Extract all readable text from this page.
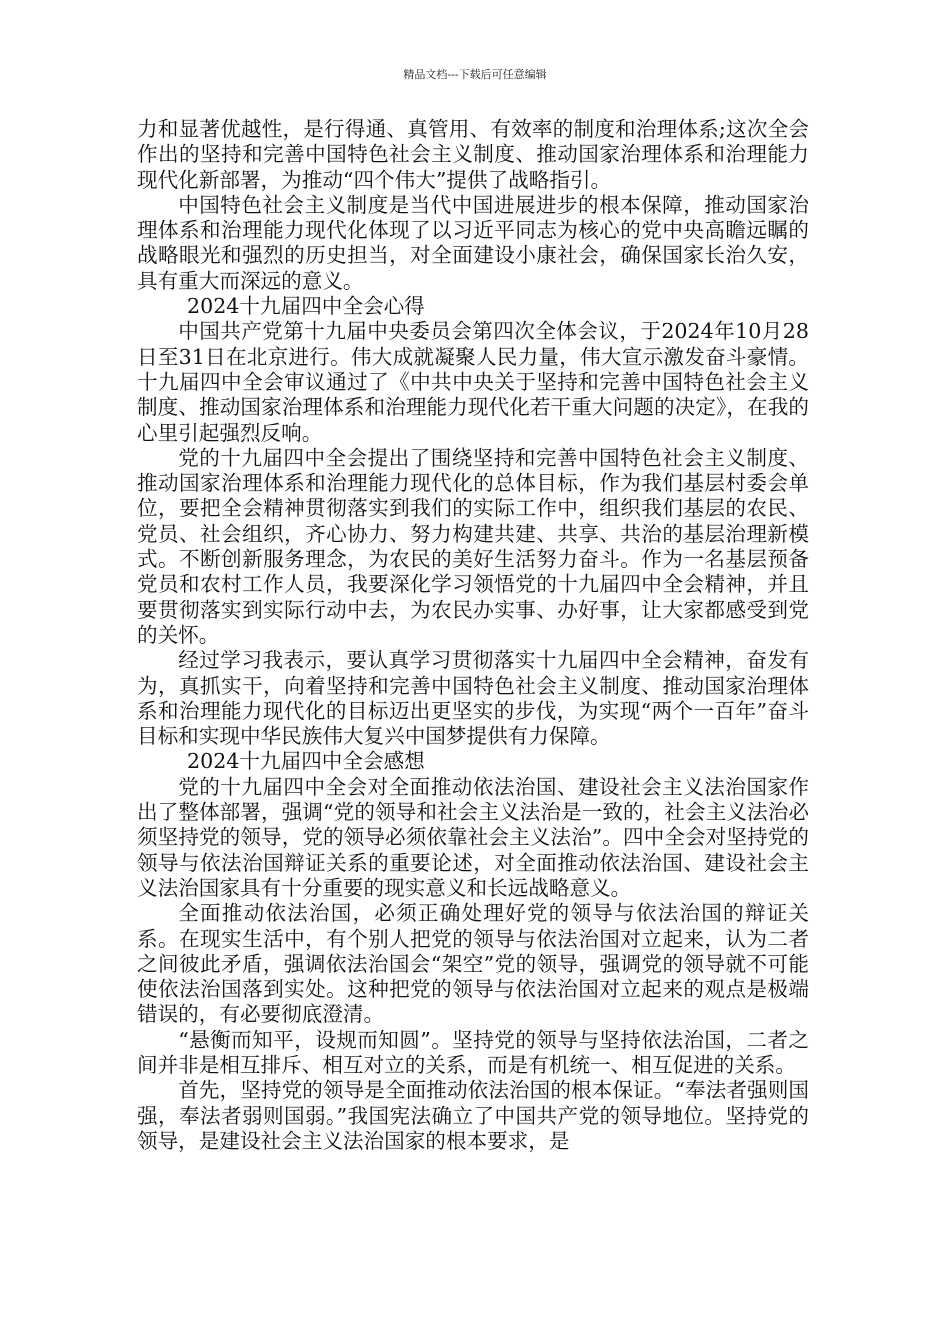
精品文档---下载后可任意编辑

力和显著优越性，是行得通、真管用、有效率的制度和治理体系;这次全会作出的坚持和完善中国特色社会主义制度、推动国家治理体系和治理能力现代化新部署，为推动“四个伟大”提供了战略指引。

中国特色社会主义制度是当代中国进展进步的根本保障，推动国家治理体系和治理能力现代化体现了以习近平同志为核心的党中央高瞻远瞩的战略眼光和强烈的历史担当，对全面建设小康社会，确保国家长治久安，具有重大而深远的意义。

2024十九届四中全会心得

中国共产党第十九届中央委员会第四次全体会议，于2024年10月28日至31日在北京进行。伟大成就凝聚人民力量，伟大宣示激发奋斗豪情。十九届四中全会审议通过了《中共中央关于坚持和完善中国特色社会主义制度、推动国家治理体系和治理能力现代化若干重大问题的决定》，在我的心里引起强烈反响。

党的十九届四中全会提出了围绕坚持和完善中国特色社会主义制度、推动国家治理体系和治理能力现代化的总体目标，作为我们基层村委会单位，要把全会精神贯彻落实到我们的实际工作中，组织我们基层的农民、党员、社会组织，齐心协力、努力构建共建、共享、共治的基层治理新模式。不断创新服务理念，为农民的美好生活努力奋斗。作为一名基层预备党员和农村工作人员，我要深化学习领悟党的十九届四中全会精神，并且要贯彻落实到实际行动中去，为农民办实事、办好事，让大家都感受到党的关怀。

经过学习我表示，要认真学习贯彻落实十九届四中全会精神，奋发有为，真抓实干，向着坚持和完善中国特色社会主义制度、推动国家治理体系和治理能力现代化的目标迈出更坚实的步伐，为实现“两个一百年”奋斗目标和实现中华民族伟大复兴中国梦提供有力保障。

2024十九届四中全会感想

党的十九届四中全会对全面推动依法治国、建设社会主义法治国家作出了整体部署，强调“党的领导和社会主义法治是一致的，社会主义法治必须坚持党的领导，党的领导必须依靠社会主义法治”。四中全会对坚持党的领导与依法治国辩证关系的重要论述，对全面推动依法治国、建设社会主义法治国家具有十分重要的现实意义和长远战略意义。

全面推动依法治国，必须正确处理好党的领导与依法治国的辩证关系。在现实生活中，有个别人把党的领导与依法治国对立起来，认为二者之间彼此矛盾，强调依法治国会“架空”党的领导，强调党的领导就不可能使依法治国落到实处。这种把党的领导与依法治国对立起来的观点是极端错误的，有必要彻底澄清。

“悬衡而知平，设规而知圆”。坚持党的领导与坚持依法治国，二者之间并非是相互排斥、相互对立的关系，而是有机统一、相互促进的关系。

首先，坚持党的领导是全面推动依法治国的根本保证。“奉法者强则国强，奉法者弱则国弱。”我国宪法确立了中国共产党的领导地位。坚持党的领导，是建设社会主义法治国家的根本要求，是
